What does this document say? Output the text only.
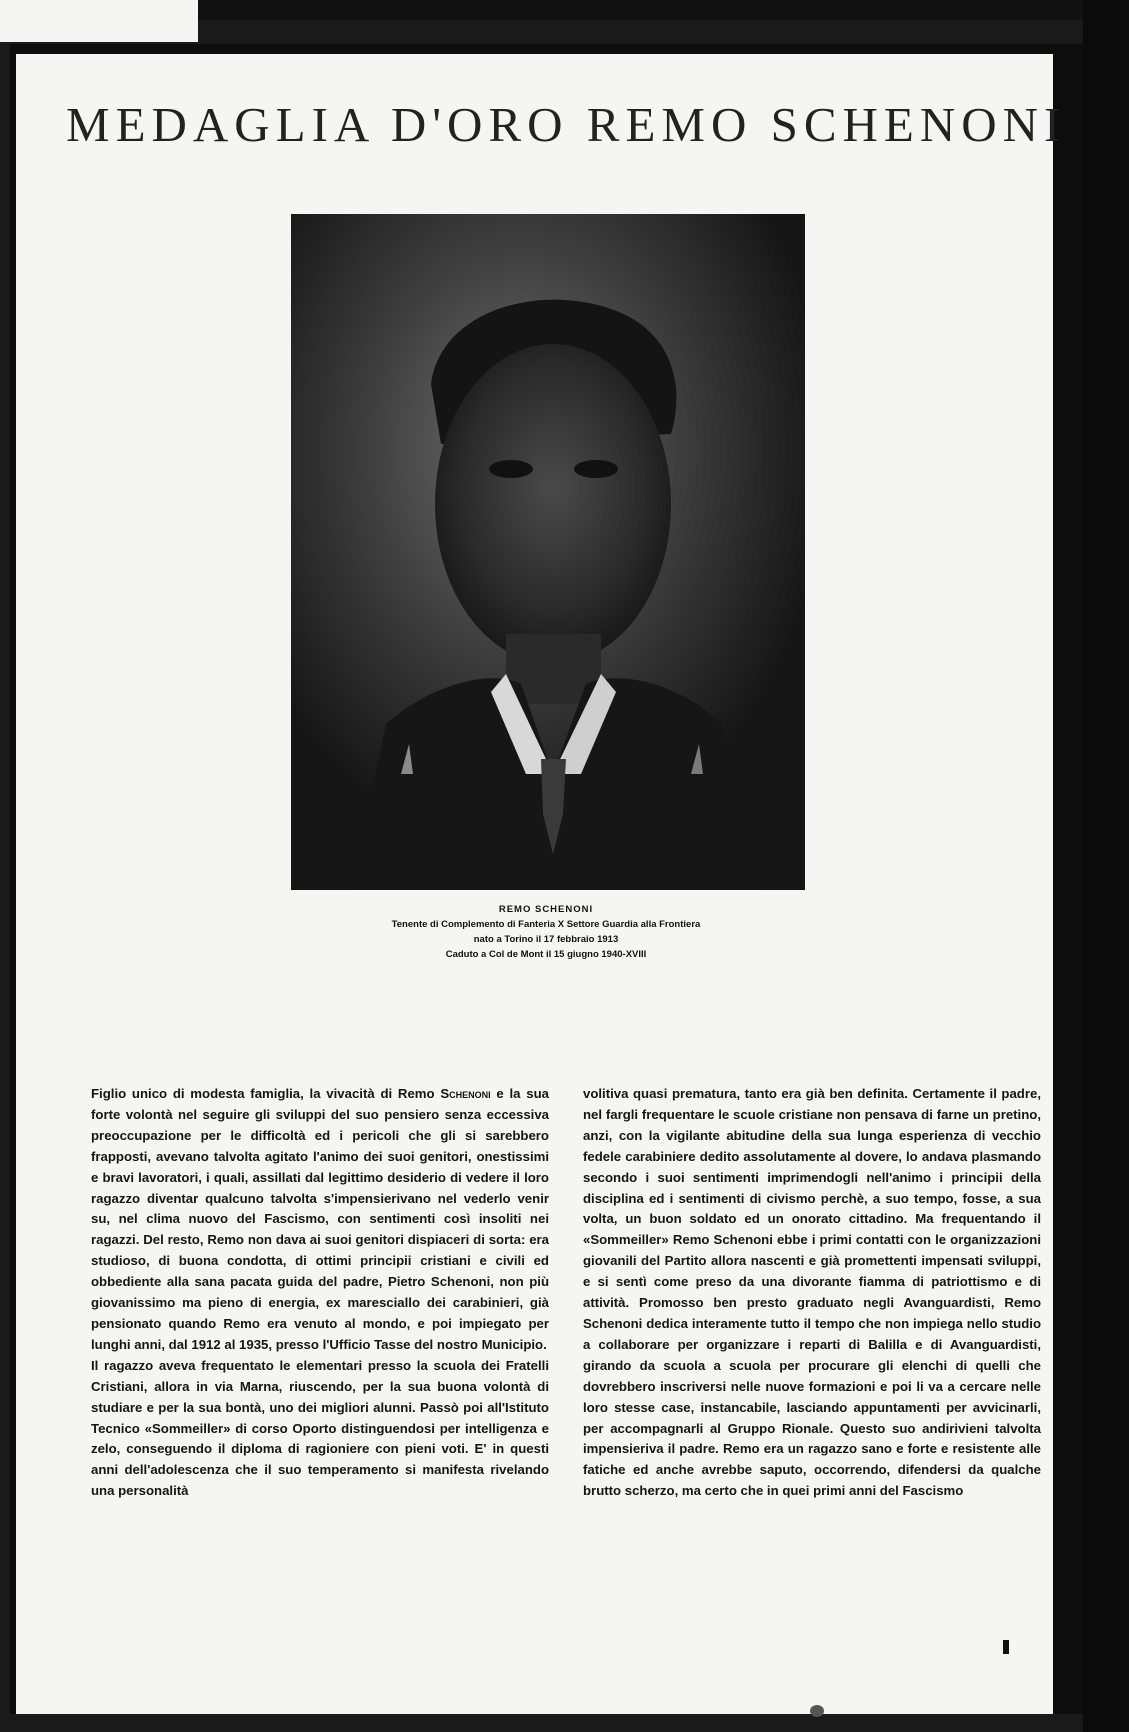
MEDAGLIA D'ORO REMO SCHENONI
REMO SCHENONI
Tenente di Complemento di Fanteria X Settore Guardia alla Frontiera
nato a Torino il 17 febbraio 1913
Caduto a Col de Mont il 15 giugno 1940-XVIII

Figlio unico di modesta famiglia, la vivacità di Remo Schenoni e la sua forte volontà nel seguire gli sviluppi del suo pensiero senza eccessiva preoccupazione per le difficoltà ed i pericoli che gli si sarebbero frapposti, avevano talvolta agitato l'animo dei suoi genitori, onestissimi e bravi lavoratori, i quali, assillati dal legittimo desiderio di vedere il loro ragazzo diventar qualcuno talvolta s'impensierivano nel vederlo venir su, nel clima nuovo del Fascismo, con sentimenti così insoliti nei ragazzi. Del resto, Remo non dava ai suoi genitori dispiaceri di sorta: era studioso, di buona condotta, di ottimi principii cristiani e civili ed obbediente alla sana pacata guida del padre, Pietro Schenoni, non più giovanissimo ma pieno di energia, ex maresciallo dei carabinieri, già pensionato quando Remo era venuto al mondo, e poi impiegato per lunghi anni, dal 1912 al 1935, presso l'Ufficio Tasse del nostro Municipio.

Il ragazzo aveva frequentato le elementari presso la scuola dei Fratelli Cristiani, allora in via Marna, riuscendo, per la sua buona volontà di studiare e per la sua bontà, uno dei migliori alunni. Passò poi all'Istituto Tecnico «Sommeiller» di corso Oporto distinguendosi per intelligenza e zelo, conseguendo il diploma di ragioniere con pieni voti. E' in questi anni dell'adolescenza che il suo temperamento si manifesta rivelando una personalità

volitiva quasi prematura, tanto era già ben definita. Certamente il padre, nel fargli frequentare le scuole cristiane non pensava di farne un pretino, anzi, con la vigilante abitudine della sua lunga esperienza di vecchio fedele carabiniere dedito assolutamente al dovere, lo andava plasmando secondo i suoi sentimenti imprimendogli nell'animo i principii della disciplina ed i sentimenti di civismo perchè, a suo tempo, fosse, a sua volta, un buon soldato ed un onorato cittadino. Ma frequentando il «Sommeiller» Remo Schenoni ebbe i primi contatti con le organizzazioni giovanili del Partito allora nascenti e già promettenti impensati sviluppi, e si sentì come preso da una divorante fiamma di patriottismo e di attività. Promosso ben presto graduato negli Avanguardisti, Remo Schenoni dedica interamente tutto il tempo che non impiega nello studio a collaborare per organizzare i reparti di Balilla e di Avanguardisti, girando da scuola a scuola per procurare gli elenchi di quelli che dovrebbero inscriversi nelle nuove formazioni e poi li va a cercare nelle loro stesse case, instancabile, lasciando appuntamenti per avvicinarli, per accompagnarli al Gruppo Rionale. Questo suo andirivieni talvolta impensieriva il padre. Remo era un ragazzo sano e forte e resistente alle fatiche ed anche avrebbe saputo, occorrendo, difendersi da qualche brutto scherzo, ma certo che in quei primi anni del Fascismo
